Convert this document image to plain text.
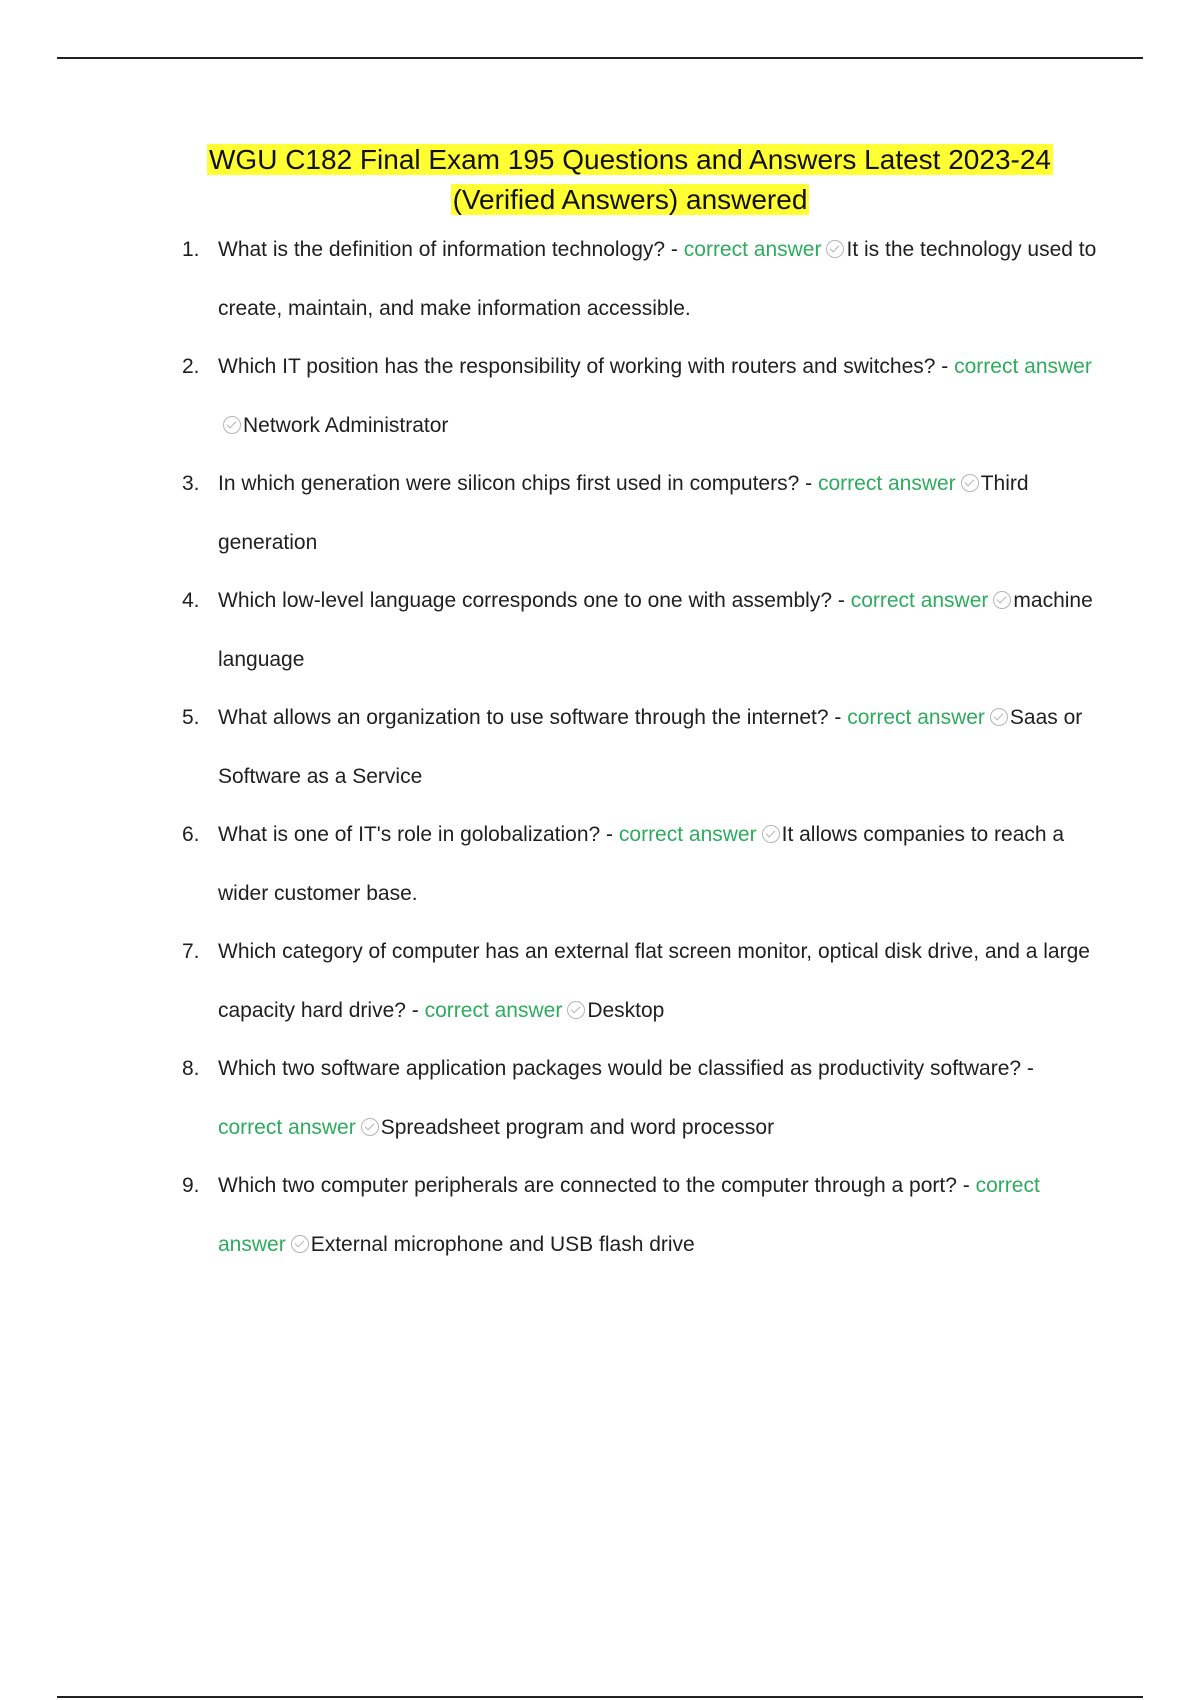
WGU C182 Final Exam 195 Questions and Answers Latest 2023-24
(Verified Answers) answered
1. What is the definition of information technology? - correct answer It is the technology used to create, maintain, and make information accessible.
2. Which IT position has the responsibility of working with routers and switches? - correct answerNetwork Administrator
3. In which generation were silicon chips first used in computers? - correct answer Third generation
4. Which low-level language corresponds one to one with assembly? - correct answer machine language
5. What allows an organization to use software through the internet? - correct answer Saas or Software as a Service
6. What is one of IT's role in golobalization? - correct answer It allows companies to reach a wider customer base.
7. Which category of computer has an external flat screen monitor, optical disk drive, and a large capacity hard drive? - correct answer Desktop
8. Which two software application packages would be classified as productivity software? - correct answer Spreadsheet program and word processor
9. Which two computer peripherals are connected to the computer through a port? - correct answer External microphone and USB flash drive
